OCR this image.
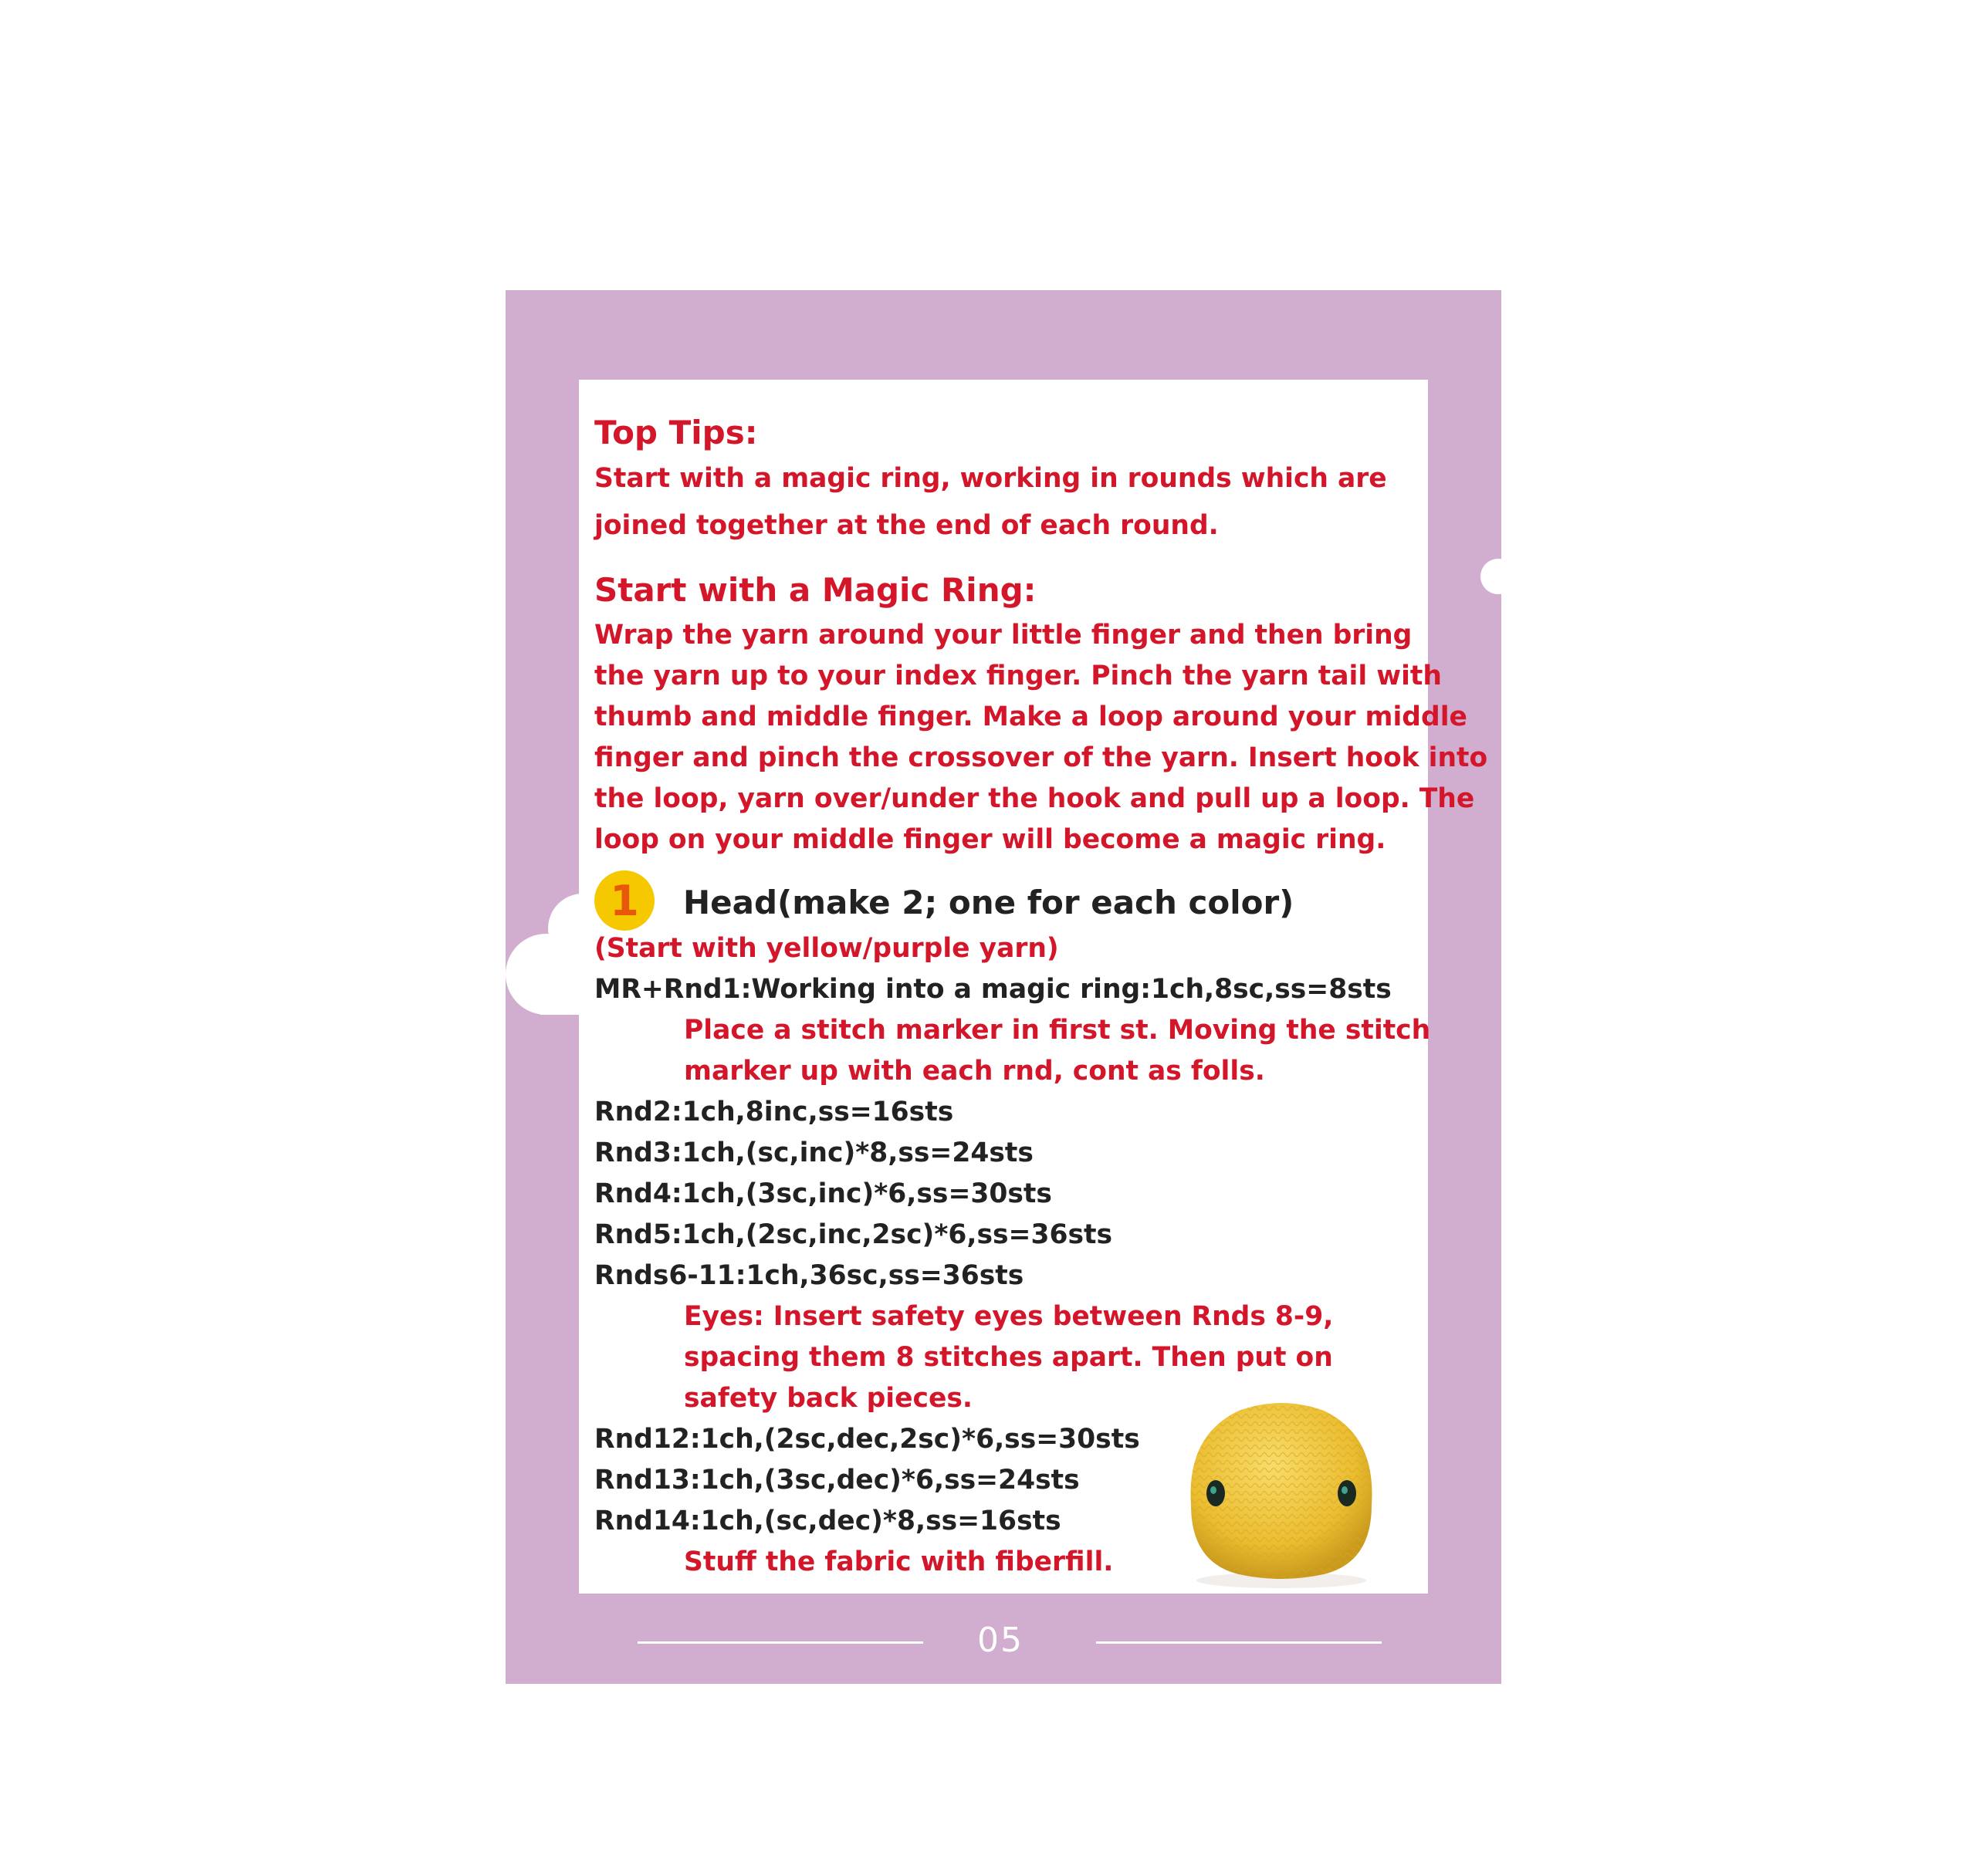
Top Tips:
Start with a magic ring, working in rounds which are
joined together at the end of each round.
Start with a Magic Ring:
Wrap the yarn around your little finger and then bring
the yarn up to your index finger. Pinch the yarn tail with
thumb and middle finger. Make a loop around your middle
finger and pinch the crossover of the yarn. Insert hook into
the loop, yarn over/under the hook and pull up a loop. The
loop on your middle finger will become a magic ring.
1	Head(make 2; one for each color)
(Start with yellow/purple yarn)
MR+Rnd1:Working into a magic ring:1ch,8sc,ss=8sts
Place a stitch marker in first st. Moving the stitch
marker up with each rnd, cont as folls.
Rnd2:1ch,8inc,ss=16sts
Rnd3:1ch,(sc,inc)*8,ss=24sts
Rnd4:1ch,(3sc,inc)*6,ss=30sts
Rnd5:1ch,(2sc,inc,2sc)*6,ss=36sts
Rnds6-11:1ch,36sc,ss=36sts
Eyes: Insert safety eyes between Rnds 8-9,
spacing them 8 stitches apart. Then put on
safety back pieces.
Rnd12:1ch,(2sc,dec,2sc)*6,ss=30sts
Rnd13:1ch,(3sc,dec)*6,ss=24sts
Rnd14:1ch,(sc,dec)*8,ss=16sts
Stuff the fabric with fiberfill.
05
